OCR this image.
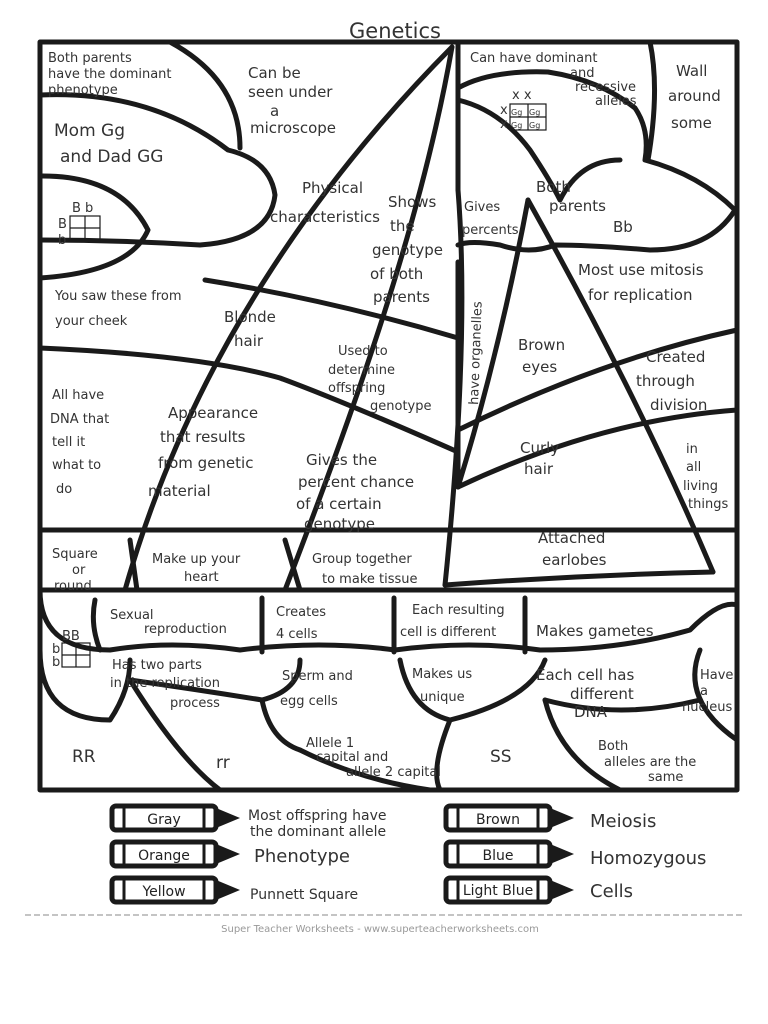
Genetics
B b
B
b
BB
b
b
x x
x
x
Gg Gg
Gg Gg
Both parents have the dominant phenotype
Can be seen under a microscope
Can have dominant and recessive alleles
Wall around some
Mom Gg and Dad GG
Physical characteristics
Shows the genotype of both parents
Gives percents
Both parents Bb
You saw these from your cheek	Blonde hair	have organelles
Most use mitosis for replication
Brown eyes
Used to determine offspring genotype
Created through division
All have DNA that tell it what to do
Appearance that results from genetic material
Curly hair
Gives the percent chance of a certain genotype
in all living things
Attached earlobes
Square or round
Make up your heart
Group together to make tissue
Sexual reproduction
Creates 4 cells
Each resulting cell is different	Makes gametes
Has two parts in the replication process
Sperm and egg cells
Makes us unique
Each cell has different DNA
Have a nucleus
RR	rr
Allele 1 capital and allele 2 capital
SS
Both alleles are the same
Gray	Most offspring have the dominant allele
Orange	Phenotype
Yellow	Punnett Square
Brown	Meiosis
Blue	Homozygous
Light Blue	Cells
Super Teacher Worksheets - www.superteacherworksheets.com
